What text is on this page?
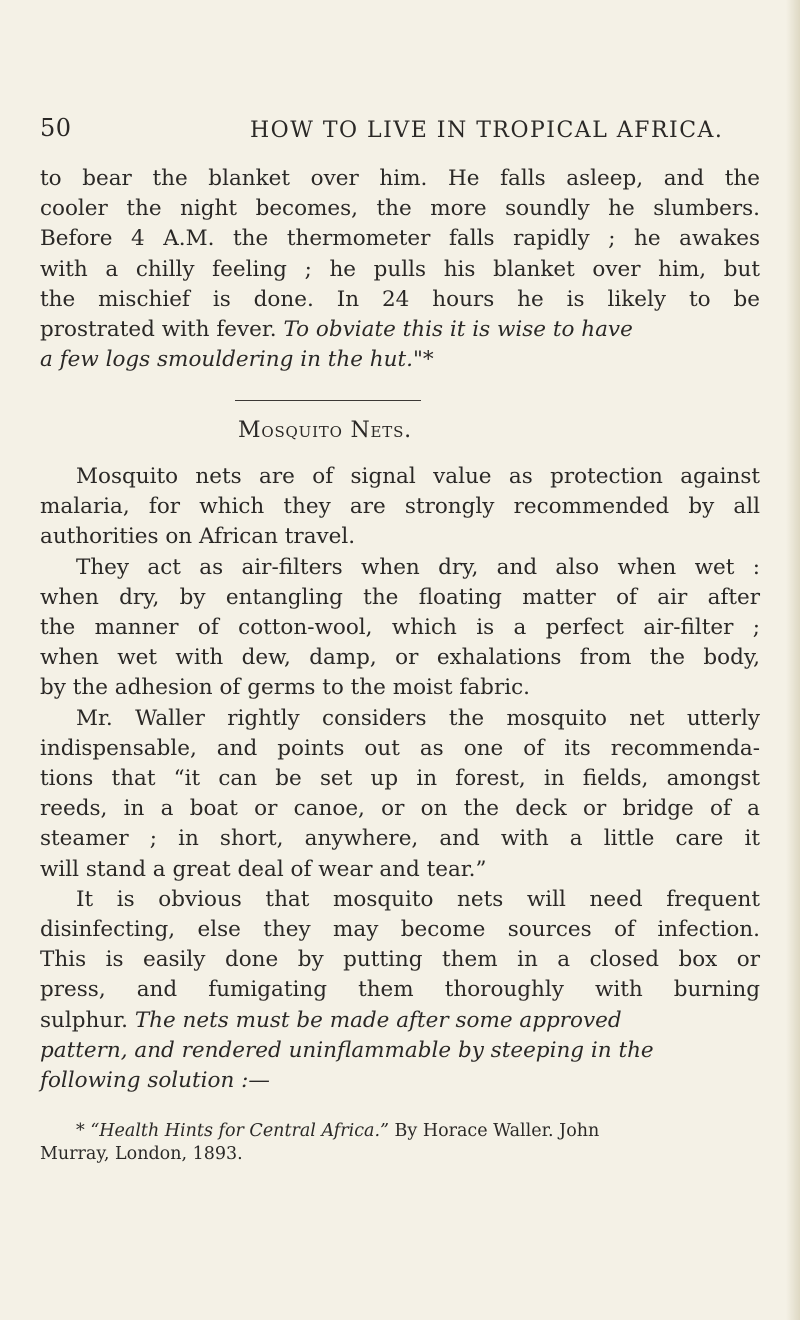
50	HOW TO LIVE IN TROPICAL AFRICA.
to bear the blanket over him. He falls asleep, and the
cooler the night becomes, the more soundly he slumbers.
Before 4 A.M. the thermometer falls rapidly ; he awakes
with a chilly feeling ; he pulls his blanket over him, but
the mischief is done. In 24 hours he is likely to be
prostrated with fever. To obviate this it is wise to have
a few logs smouldering in the hut."*
Mosquito Nets.
Mosquito nets are of signal value as protection against
malaria, for which they are strongly recommended by all
authorities on African travel.
They act as air-filters when dry, and also when wet :
when dry, by entangling the floating matter of air after
the manner of cotton-wool, which is a perfect air-filter ;
when wet with dew, damp, or exhalations from the body,
by the adhesion of germs to the moist fabric.
Mr. Waller rightly considers the mosquito net utterly
indispensable, and points out as one of its recommenda-
tions that “it can be set up in forest, in fields, amongst
reeds, in a boat or canoe, or on the deck or bridge of a
steamer ; in short, anywhere, and with a little care it
will stand a great deal of wear and tear.”
It is obvious that mosquito nets will need frequent
disinfecting, else they may become sources of infection.
This is easily done by putting them in a closed box or
press, and fumigating them thoroughly with burning
sulphur. The nets must be made after some approved
pattern, and rendered uninflammable by steeping in the
following solution :—
* “Health Hints for Central Africa.” By Horace Waller. John
Murray, London, 1893.
